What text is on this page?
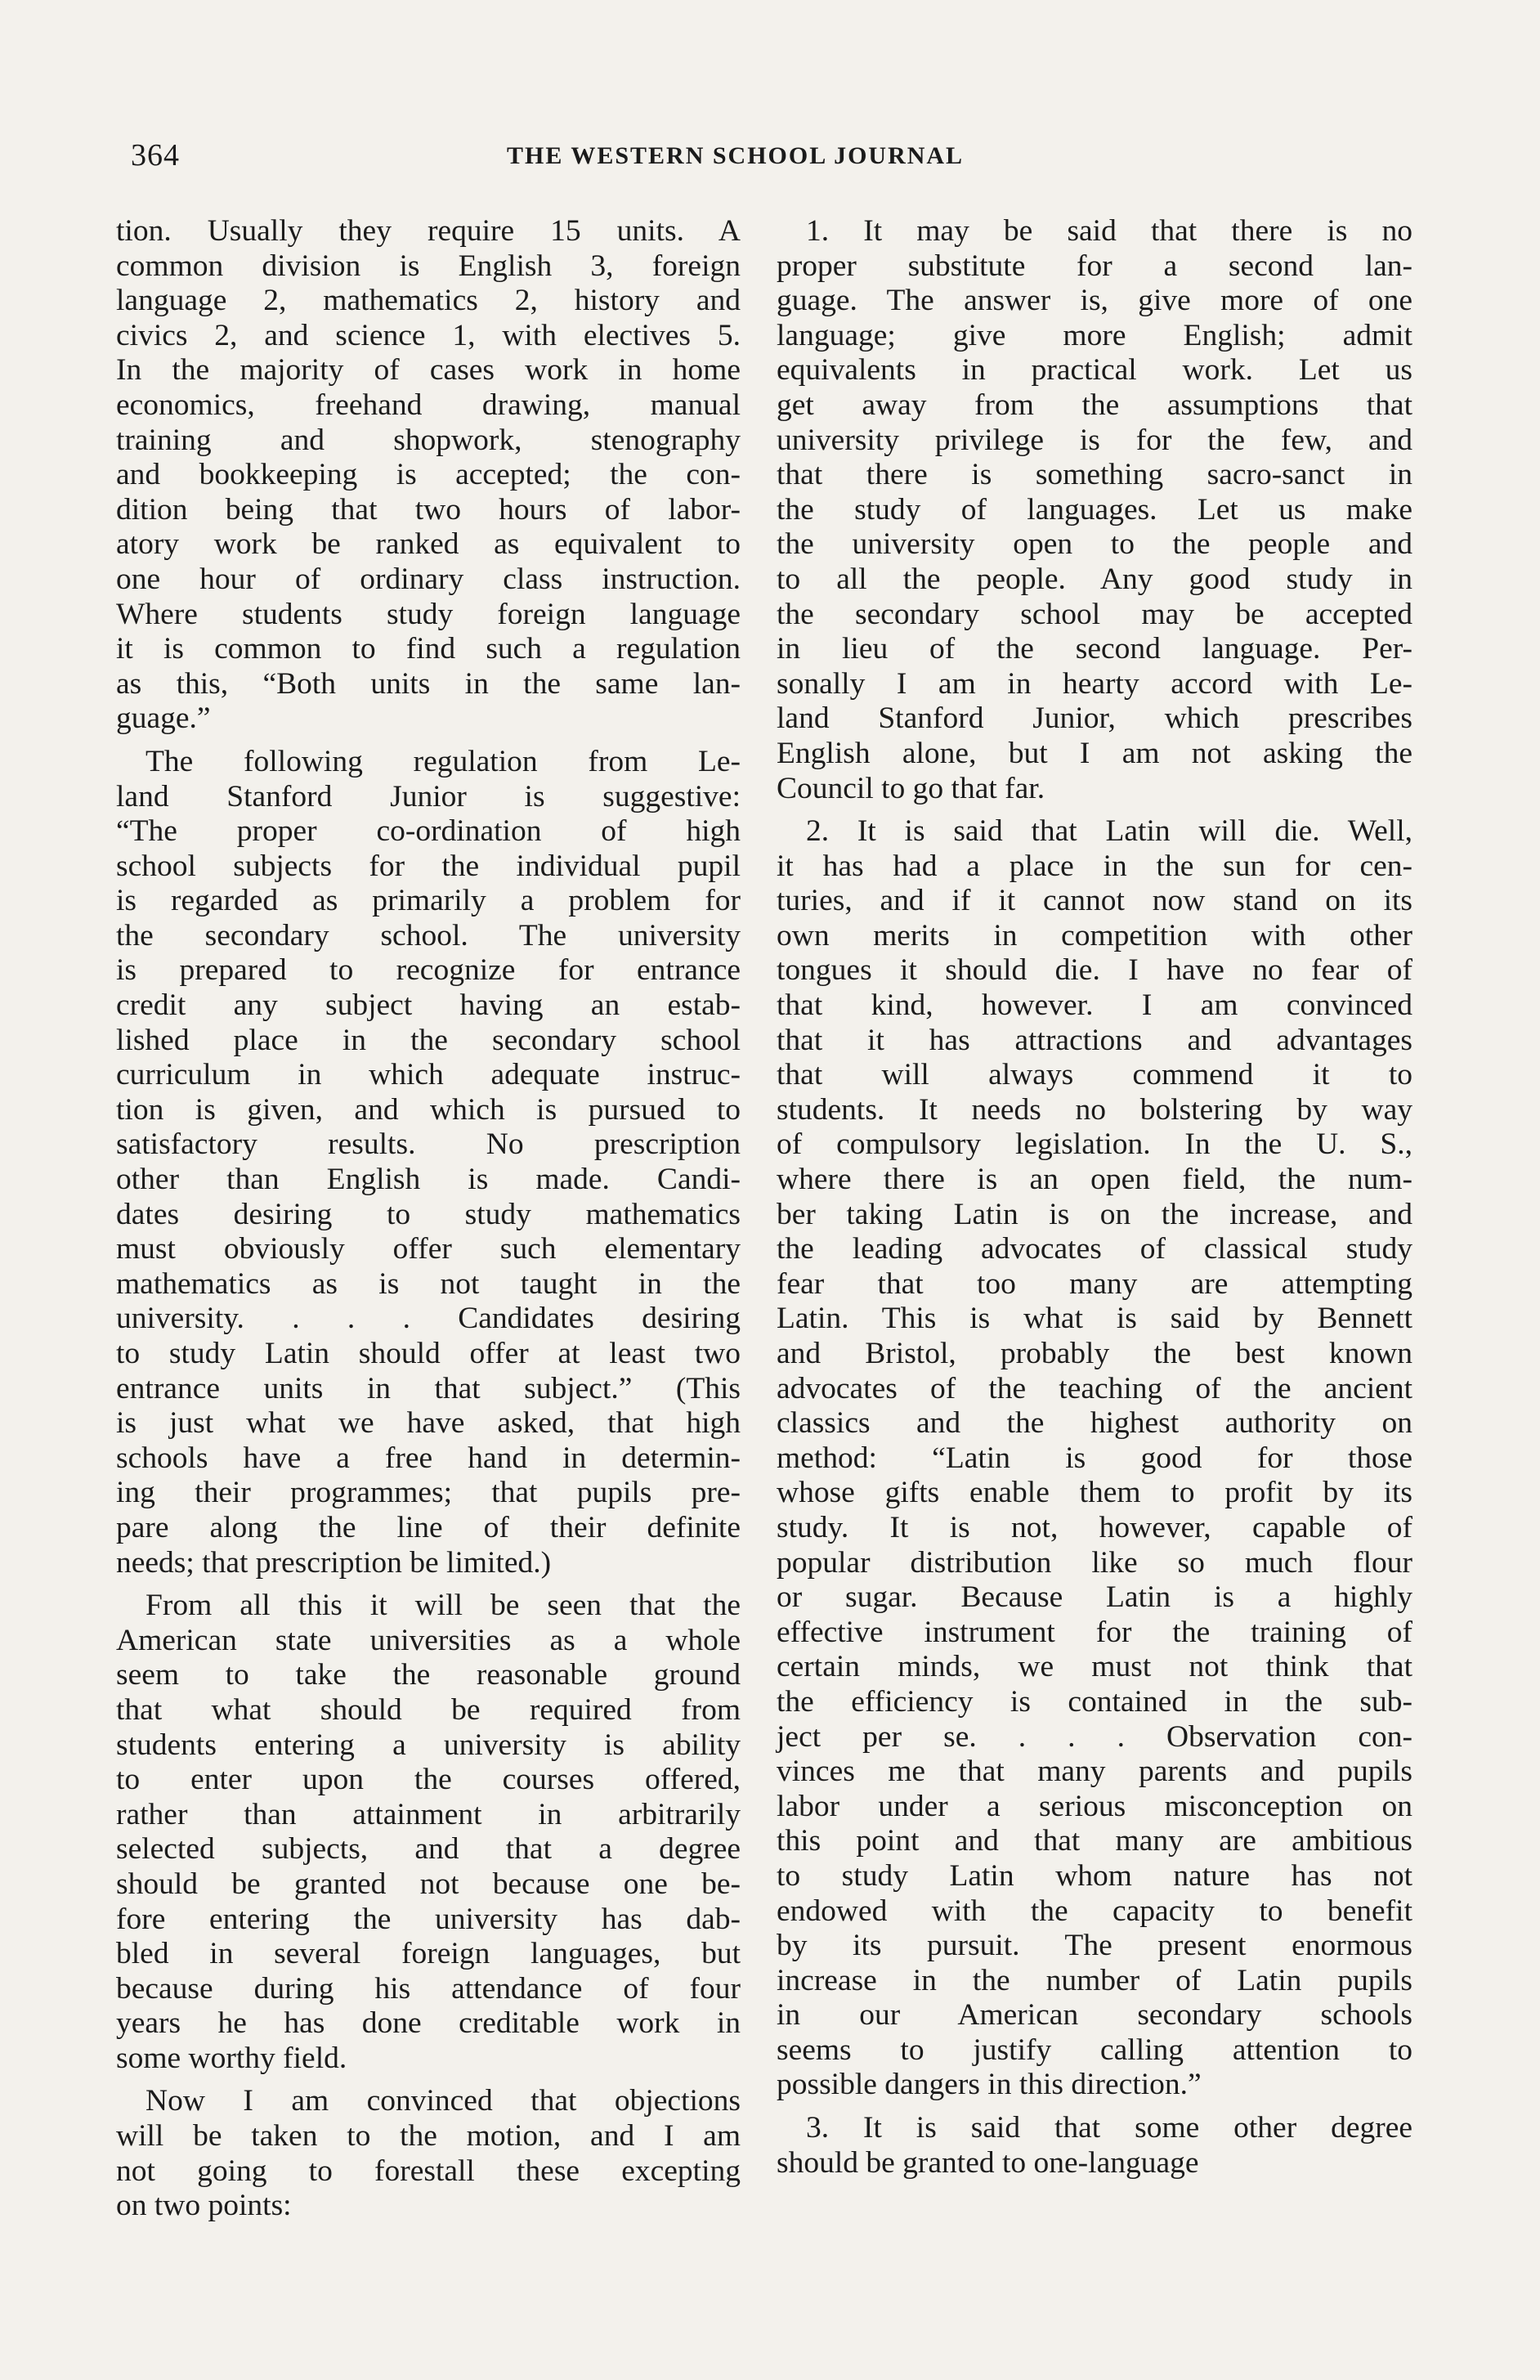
364	THE WESTERN SCHOOL JOURNAL
tion. Usually they require 15 units. A
common division is English 3, foreign
language 2, mathematics 2, history and
civics 2, and science 1, with electives 5.
In the majority of cases work in home
economics, freehand drawing, manual
training and shopwork, stenography
and bookkeeping is accepted; the con-
dition being that two hours of labor-
atory work be ranked as equivalent to
one hour of ordinary class instruction.
Where students study foreign language
it is common to find such a regulation
as this, “Both units in the same lan-
guage.”
The following regulation from Le-
land Stanford Junior is suggestive:
“The proper co-ordination of high
school subjects for the individual pupil
is regarded as primarily a problem for
the secondary school. The university
is prepared to recognize for entrance
credit any subject having an estab-
lished place in the secondary school
curriculum in which adequate instruc-
tion is given, and which is pursued to
satisfactory results. No prescription
other than English is made. Candi-
dates desiring to study mathematics
must obviously offer such elementary
mathematics as is not taught in the
university. . . . Candidates desiring
to study Latin should offer at least two
entrance units in that subject.” (This
is just what we have asked, that high
schools have a free hand in determin-
ing their programmes; that pupils pre-
pare along the line of their definite
needs; that prescription be limited.)
From all this it will be seen that the
American state universities as a whole
seem to take the reasonable ground
that what should be required from
students entering a university is ability
to enter upon the courses offered,
rather than attainment in arbitrarily
selected subjects, and that a degree
should be granted not because one be-
fore entering the university has dab-
bled in several foreign languages, but
because during his attendance of four
years he has done creditable work in
some worthy field.
Now I am convinced that objections
will be taken to the motion, and I am
not going to forestall these excepting
on two points:
1. It may be said that there is no
proper substitute for a second lan-
guage. The answer is, give more of one
language; give more English; admit
equivalents in practical work. Let us
get away from the assumptions that
university privilege is for the few, and
that there is something sacro-sanct in
the study of languages. Let us make
the university open to the people and
to all the people. Any good study in
the secondary school may be accepted
in lieu of the second language. Per-
sonally I am in hearty accord with Le-
land Stanford Junior, which prescribes
English alone, but I am not asking the
Council to go that far.
2. It is said that Latin will die. Well,
it has had a place in the sun for cen-
turies, and if it cannot now stand on its
own merits in competition with other
tongues it should die. I have no fear of
that kind, however. I am convinced
that it has attractions and advantages
that will always commend it to
students. It needs no bolstering by way
of compulsory legislation. In the U. S.,
where there is an open field, the num-
ber taking Latin is on the increase, and
the leading advocates of classical study
fear that too many are attempting
Latin. This is what is said by Bennett
and Bristol, probably the best known
advocates of the teaching of the ancient
classics and the highest authority on
method: “Latin is good for those
whose gifts enable them to profit by its
study. It is not, however, capable of
popular distribution like so much flour
or sugar. Because Latin is a highly
effective instrument for the training of
certain minds, we must not think that
the efficiency is contained in the sub-
ject per se. . . . Observation con-
vinces me that many parents and pupils
labor under a serious misconception on
this point and that many are ambitious
to study Latin whom nature has not
endowed with the capacity to benefit
by its pursuit. The present enormous
increase in the number of Latin pupils
in our American secondary schools
seems to justify calling attention to
possible dangers in this direction.”
3. It is said that some other degree
should be granted to one-language
